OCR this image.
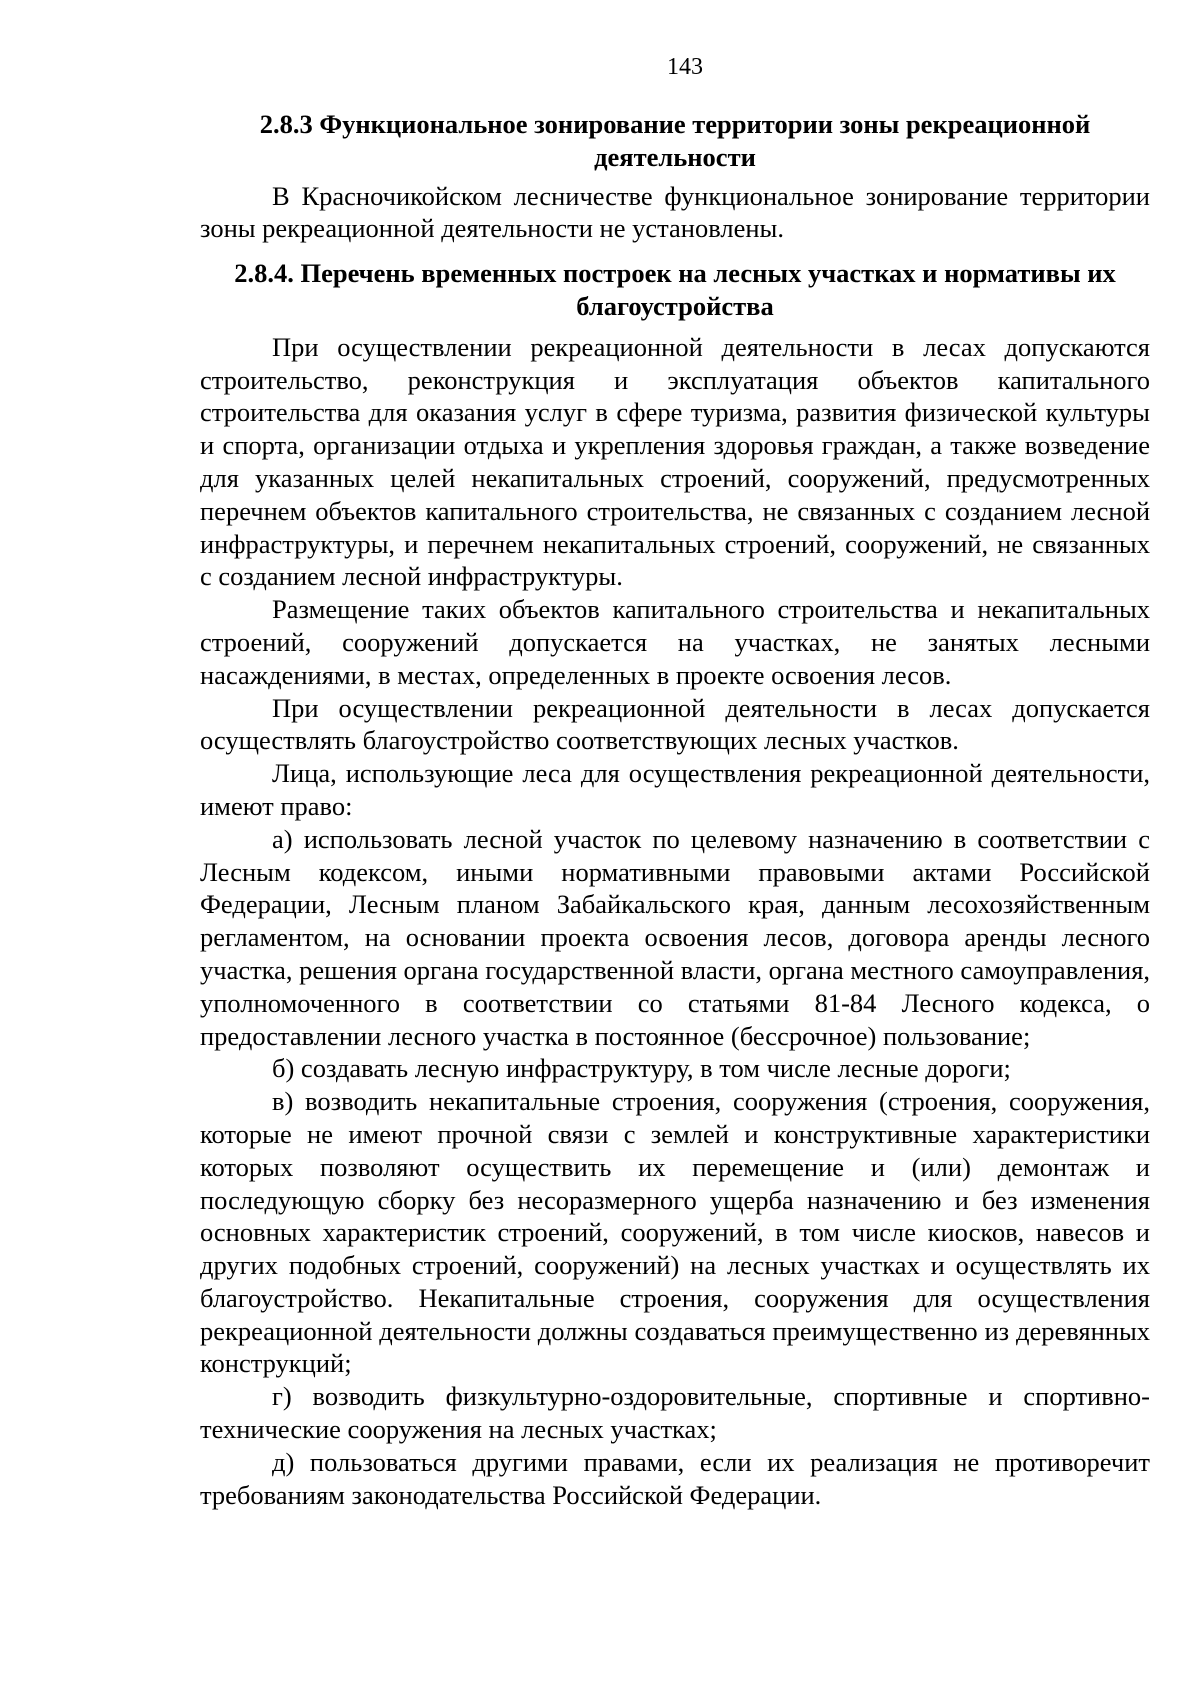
143
2.8.3 Функциональное зонирование территории зоны рекреационной деятельности

В Красночикойском лесничестве функциональное зонирование территории зоны рекреационной деятельности не установлены.

2.8.4. Перечень временных построек на лесных участках и нормативы их благоустройства

При осуществлении рекреационной деятельности в лесах допускаются строительство, реконструкция и эксплуатация объектов капитального строительства для оказания услуг в сфере туризма, развития физической культуры и спорта, организации отдыха и укрепления здоровья граждан, а также возведение для указанных целей некапитальных строений, сооружений, предусмотренных перечнем объектов капитального строительства, не связанных с созданием лесной инфраструктуры, и перечнем некапитальных строений, сооружений, не связанных с созданием лесной инфраструктуры.

Размещение таких объектов капитального строительства и некапитальных строений, сооружений допускается на участках, не занятых лесными насаждениями, в местах, определенных в проекте освоения лесов.

При осуществлении рекреационной деятельности в лесах допускается осуществлять благоустройство соответствующих лесных участков.

Лица, использующие леса для осуществления рекреационной деятельности, имеют право:

а) использовать лесной участок по целевому назначению в соответствии с Лесным кодексом, иными нормативными правовыми актами Российской Федерации, Лесным планом Забайкальского края, данным лесохозяйственным регламентом, на основании проекта освоения лесов, договора аренды лесного участка, решения органа государственной власти, органа местного самоуправления, уполномоченного в соответствии со статьями 81-84 Лесного кодекса, о предоставлении лесного участка в постоянное (бессрочное) пользование;

б) создавать лесную инфраструктуру, в том числе лесные дороги;

в) возводить некапитальные строения, сооружения (строения, сооружения, которые не имеют прочной связи с землей и конструктивные характеристики которых позволяют осуществить их перемещение и (или) демонтаж и последующую сборку без несоразмерного ущерба назначению и без изменения основных характеристик строений, сооружений, в том числе киосков, навесов и других подобных строений, сооружений) на лесных участках и осуществлять их благоустройство. Некапитальные строения, сооружения для осуществления рекреационной деятельности должны создаваться преимущественно из деревянных конструкций;

г) возводить физкультурно-оздоровительные, спортивные и спортивно-технические сооружения на лесных участках;

д) пользоваться другими правами, если их реализация не противоречит требованиям законодательства Российской Федерации.
